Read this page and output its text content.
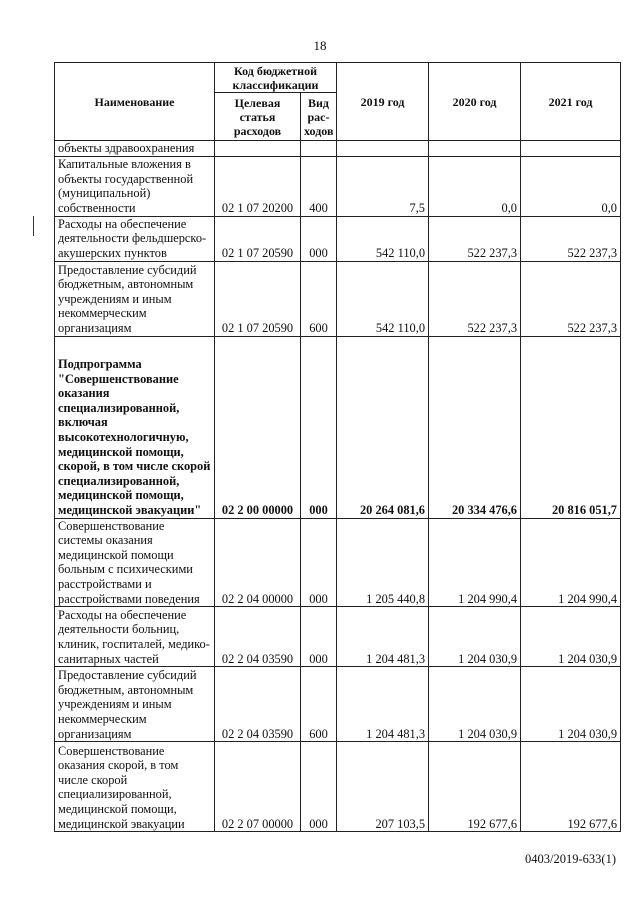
18
Наименование	Код бюджетной классификации		2019 год	2020 год	2021 год
	Целевая статья расходов	Вид рас-ходов			
объекты здравоохранения					
Капитальные вложения в объекты государственной (муниципальной) собственности	02 1 07 20200	400	7,5	0,0	0,0
Расходы на обеспечение деятельности фельдшерско-акушерских пунктов	02 1 07 20590	000	542 110,0	522 237,3	522 237,3
Предоставление субсидий бюджетным, автономным учреждениям и иным некоммерческим организациям	02 1 07 20590	600	542 110,0	522 237,3	522 237,3
Подпрограмма "Совершенствование оказания специализированной, включая высокотехнологичную, медицинской помощи, скорой, в том числе скорой специализированной, медицинской помощи, медицинской эвакуации"	02 2 00 00000	000	20 264 081,6	20 334 476,6	20 816 051,7
Совершенствование системы оказания медицинской помощи больным с психическими расстройствами и расстройствами поведения	02 2 04 00000	000	1 205 440,8	1 204 990,4	1 204 990,4
Расходы на обеспечение деятельности больниц, клиник, госпиталей, медико-санитарных частей	02 2 04 03590	000	1 204 481,3	1 204 030,9	1 204 030,9
Предоставление субсидий бюджетным, автономным учреждениям и иным некоммерческим организациям	02 2 04 03590	600	1 204 481,3	1 204 030,9	1 204 030,9
Совершенствование оказания скорой, в том числе скорой специализированной, медицинской помощи, медицинской эвакуации	02 2 07 00000	000	207 103,5	192 677,6	192 677,6
0403/2019-633(1)
